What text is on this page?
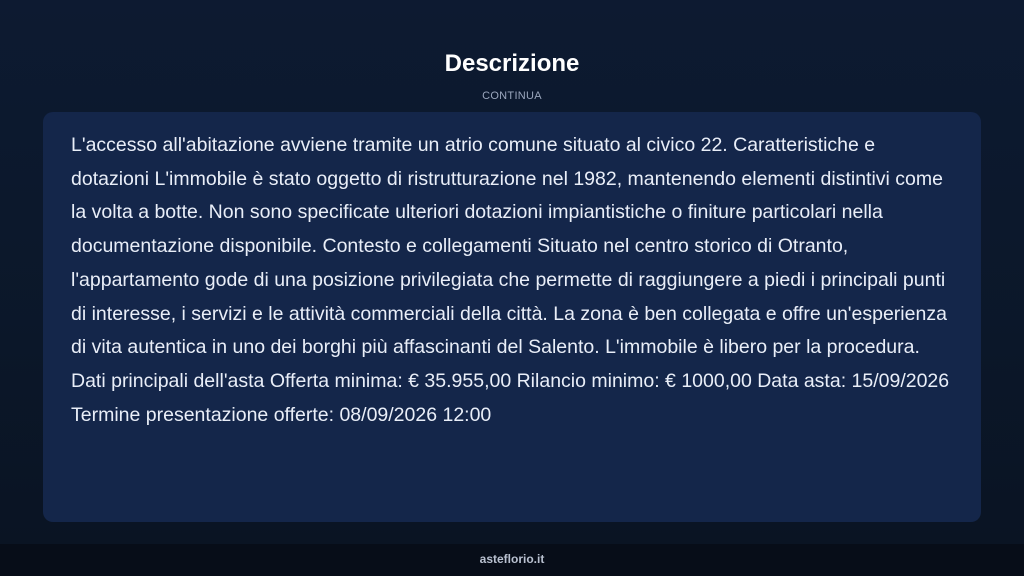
Descrizione
CONTINUA

L'accesso all'abitazione avviene tramite un atrio comune situato al civico 22. Caratteristiche e dotazioni L'immobile è stato oggetto di ristrutturazione nel 1982, mantenendo elementi distintivi come la volta a botte. Non sono specificate ulteriori dotazioni impiantistiche o finiture particolari nella documentazione disponibile. Contesto e collegamenti Situato nel centro storico di Otranto, l'appartamento gode di una posizione privilegiata che permette di raggiungere a piedi i principali punti di interesse, i servizi e le attività commerciali della città. La zona è ben collegata e offre un'esperienza di vita autentica in uno dei borghi più affascinanti del Salento. L'immobile è libero per la procedura. Dati principali dell'asta Offerta minima: € 35.955,00 Rilancio minimo: € 1000,00 Data asta: 15/09/2026 Termine presentazione offerte: 08/09/2026 12:00

asteflorio.it
